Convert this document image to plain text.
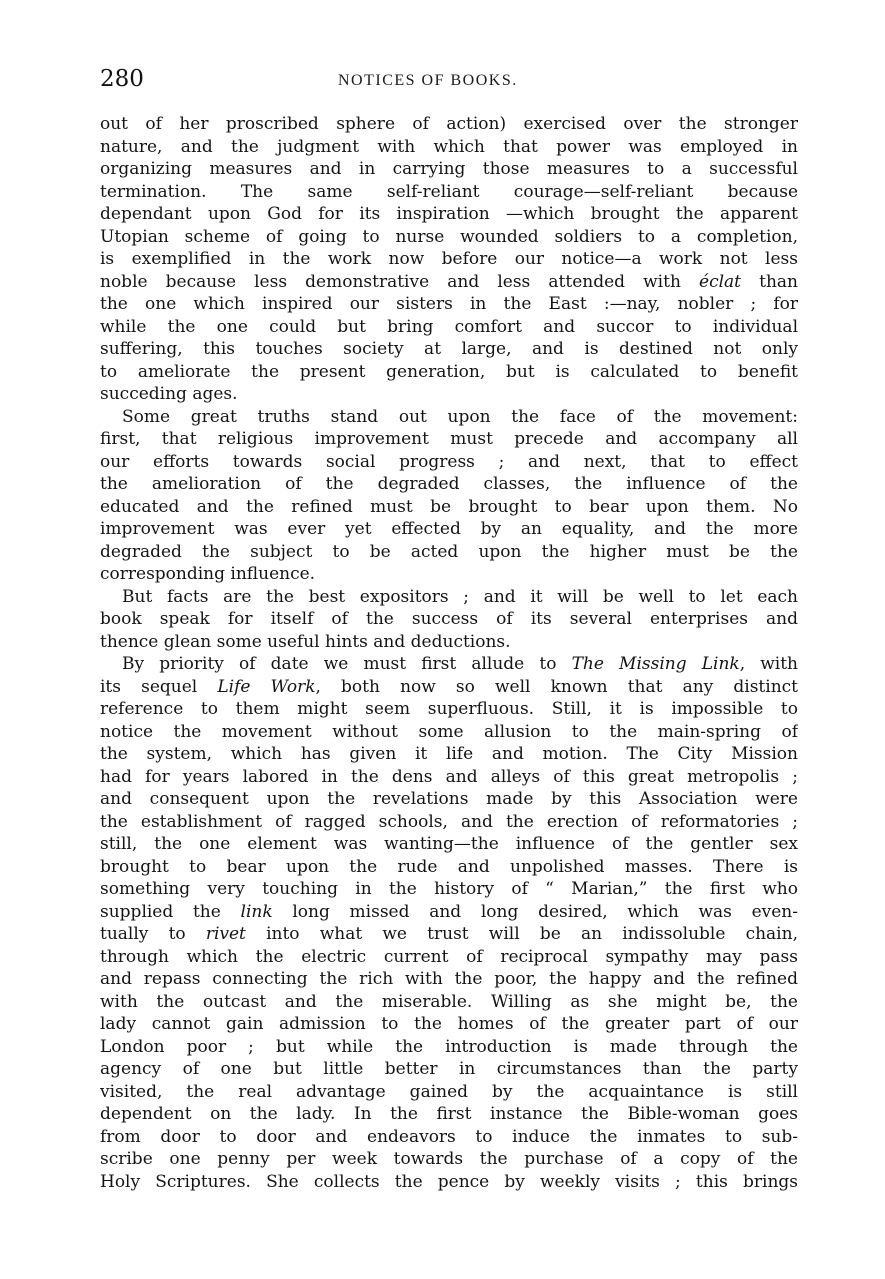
280	NOTICES OF BOOKS.
out of her proscribed sphere of action) exercised over the stronger
nature, and the judgment with which that power was employed in
organizing measures and in carrying those measures to a successful
termination. The same self-reliant courage—self-reliant because
dependant upon God for its inspiration —which brought the apparent
Utopian scheme of going to nurse wounded soldiers to a completion,
is exemplified in the work now before our notice—a work not less
noble because less demonstrative and less attended with éclat than
the one which inspired our sisters in the East :—nay, nobler ; for
while the one could but bring comfort and succor to individual
suffering, this touches society at large, and is destined not only
to ameliorate the present generation, but is calculated to benefit
succeding ages.
Some great truths stand out upon the face of the movement:
first, that religious improvement must precede and accompany all
our efforts towards social progress ; and next, that to effect
the amelioration of the degraded classes, the influence of the
educated and the refined must be brought to bear upon them. No
improvement was ever yet effected by an equality, and the more
degraded the subject to be acted upon the higher must be the
corresponding influence.
But facts are the best expositors ; and it will be well to let each
book speak for itself of the success of its several enterprises and
thence glean some useful hints and deductions.
By priority of date we must first allude to The Missing Link, with
its sequel Life Work, both now so well known that any distinct
reference to them might seem superfluous. Still, it is impossible to
notice the movement without some allusion to the main-spring of
the system, which has given it life and motion. The City Mission
had for years labored in the dens and alleys of this great metropolis ;
and consequent upon the revelations made by this Association were
the establishment of ragged schools, and the erection of reformatories ;
still, the one element was wanting—the influence of the gentler sex
brought to bear upon the rude and unpolished masses. There is
something very touching in the history of “ Marian,” the first who
supplied the link long missed and long desired, which was even-
tually to rivet into what we trust will be an indissoluble chain,
through which the electric current of reciprocal sympathy may pass
and repass connecting the rich with the poor, the happy and the refined
with the outcast and the miserable. Willing as she might be, the
lady cannot gain admission to the homes of the greater part of our
London poor ; but while the introduction is made through the
agency of one but little better in circumstances than the party
visited, the real advantage gained by the acquaintance is still
dependent on the lady. In the first instance the Bible-woman goes
from door to door and endeavors to induce the inmates to sub-
scribe one penny per week towards the purchase of a copy of the
Holy Scriptures. She collects the pence by weekly visits ; this brings
